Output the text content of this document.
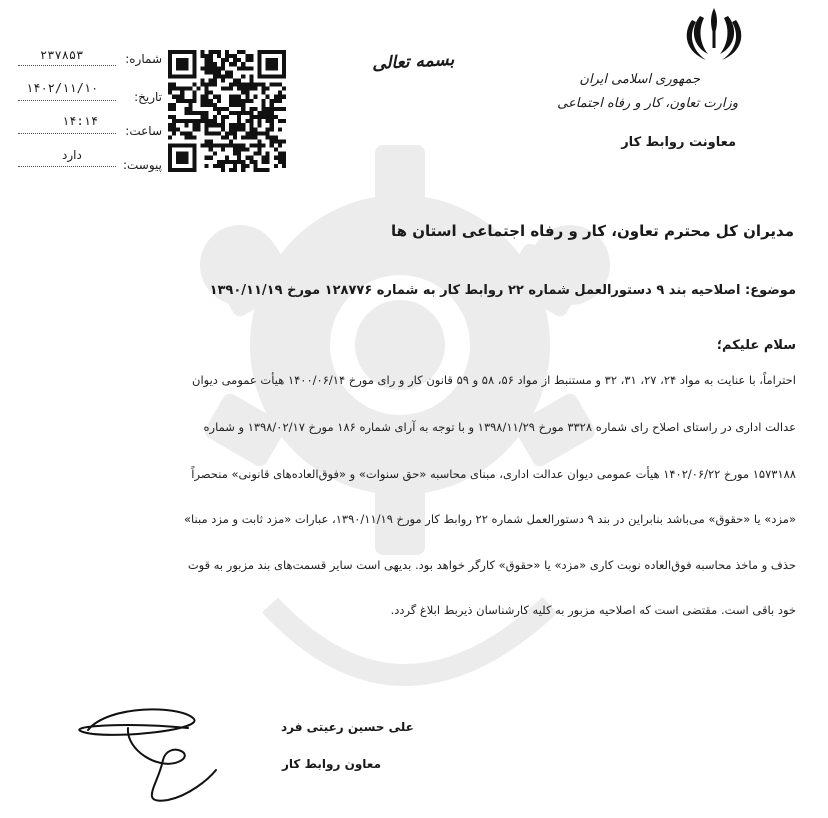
جمهوری اسلامی ایران
وزارت تعاون، کار و رفاه اجتماعی
معاونت روابط کار
بسمه تعالی
شماره:
۲۳۷۸۵۳
تاریخ:
۱۴۰۲/۱۱/۱۰
ساعت:
۱۴:۱۴
پیوست:
دارد
مدیران کل محترم تعاون، کار و رفاه اجتماعی استان ها
موضوع: اصلاحیه بند ۹ دستورالعمل شماره ۲۲ روابط کار به شماره ۱۲۸۷۷۶ مورخ ۱۳۹۰/۱۱/۱۹
سلام علیکم؛
احتراماً، با عنایت به مواد ۲۴، ۲۷، ۳۱، ۳۲ و مستنبط از مواد ۵۶، ۵۸ و ۵۹ قانون کار و رای مورخ ۱۴۰۰/۰۶/۱۴ هیأت عمومی دیوان
عدالت اداری در راستای اصلاح رای شماره ۳۳۲۸ مورخ ۱۳۹۸/۱۱/۲۹ و با توجه به آرای شماره ۱۸۶ مورخ ۱۳۹۸/۰۲/۱۷ و شماره
۱۵۷۳۱۸۸ مورخ ۱۴۰۲/۰۶/۲۲ هیأت عمومی دیوان عدالت اداری، مبنای محاسبه «حق سنوات» و «فوق‌العاده‌های قانونی» منحصراً
«مزد» یا «حقوق» می‌باشد بنابراین در بند ۹ دستورالعمل شماره ۲۲ روابط کار مورخ ۱۳۹۰/۱۱/۱۹، عبارات «مزد ثابت و مزد مبنا»
حذف و ماخذ محاسبه فوق‌العاده نوبت کاری «مزد» یا «حقوق» کارگر خواهد بود. بدیهی است سایر قسمت‌های بند مزبور به قوت
خود باقی است. مقتضی است که اصلاحیه مزبور به کلیه کارشناسان ذیربط ابلاغ گردد.
علی حسین رعیتی فرد
معاون روابط کار
